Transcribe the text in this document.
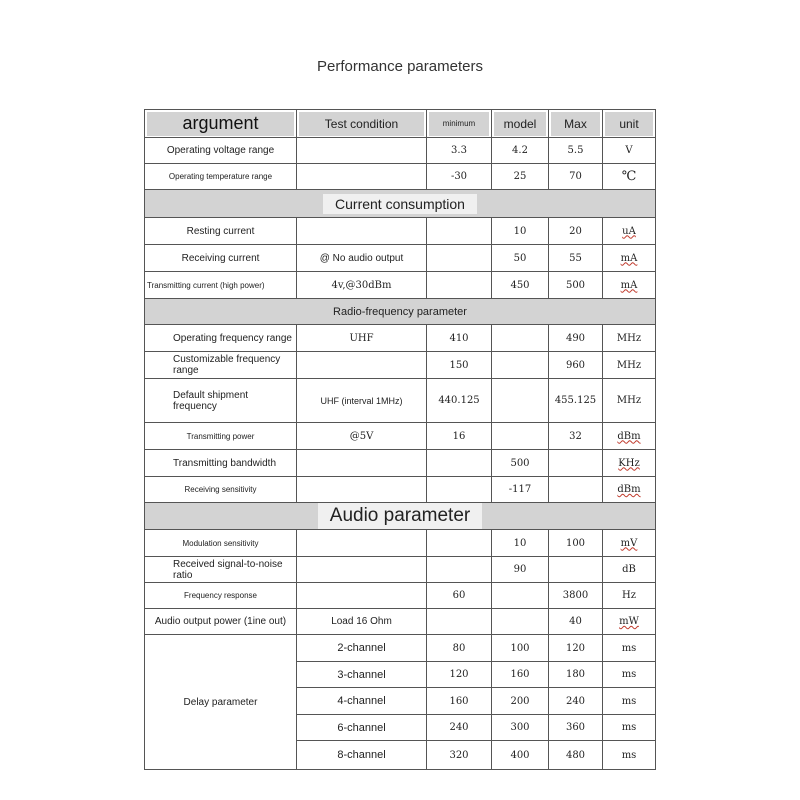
Performance parameters
argument	Test condition	minimum	model	Max	unit

Operating voltage range		3.3	4.2	5.5	V
Operating temperature range		-30	25	70	℃
Current consumption					
Resting current			10	20	uA
Receiving current	@ No audio output		50	55	mA
Transmitting current (high power)	4v,@30dBm		450	500	mA
Radio-frequency parameter					
Operating frequency range	UHF	410		490	MHz
Customizable frequency range		150		960	MHz
Default shipment frequency	UHF (interval 1MHz)	440.125		455.125	MHz
Transmitting power	@5V	16		32	dBm
Transmitting bandwidth			500		KHz
Receiving sensitivity			-117		dBm
Audio parameter					
Modulation sensitivity			10	100	mV
Received signal-to-noise ratio			90		dB
Frequency response		60		3800	Hz
Audio output power (1ine out)	Load 16 Ohm			40	mW
Delay parameter	2-channel	80	100	120	ms
	3-channel	120	160	180	ms
	4-channel	160	200	240	ms
	6-channel	240	300	360	ms
	8-channel	320	400	480	ms
